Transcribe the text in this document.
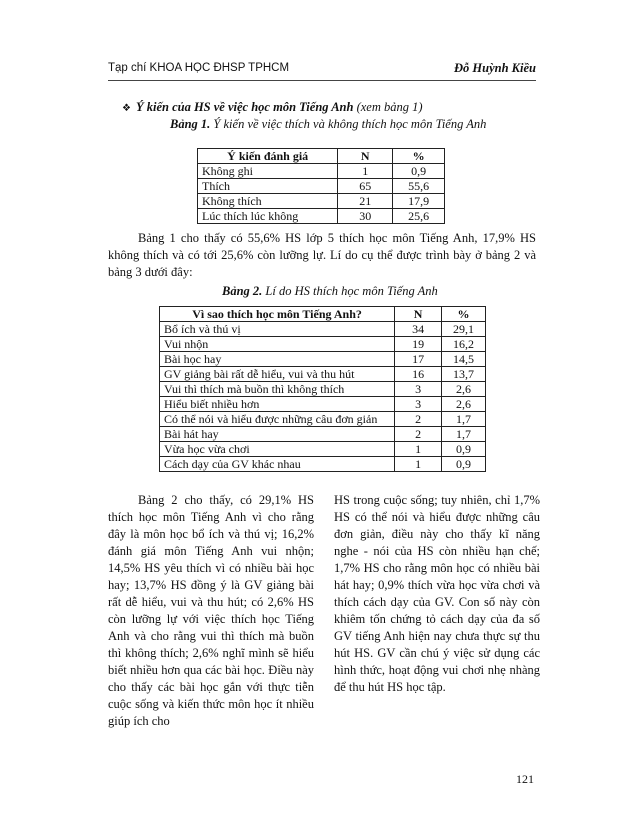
Tạp chí KHOA HỌC ĐHSP TPHCM	Đỗ Huỳnh Kiều
❖ Ý kiến của HS về việc học môn Tiếng Anh (xem bảng 1)
Bảng 1. Ý kiến về việc thích và không thích học môn Tiếng Anh
Ý kiến đánh giá	N	%
Không ghi	1	0,9
Thích	65	55,6
Không thích	21	17,9
Lúc thích lúc không	30	25,6

Bảng 1 cho thấy có 55,6% HS lớp 5 thích học môn Tiếng Anh, 17,9% HS không thích và có tới 25,6% còn lưỡng lự. Lí do cụ thể được trình bày ở bảng 2 và bảng 3 dưới đây:

Bảng 2. Lí do HS thích học môn Tiếng Anh
Vì sao thích học môn Tiếng Anh?	N	%
Bổ ích và thú vị	34	29,1
Vui nhộn	19	16,2
Bài học hay	17	14,5
GV giảng bài rất dễ hiểu, vui và thu hút	16	13,7
Vui thì thích mà buồn thì không thích	3	2,6
Hiểu biết nhiều hơn	3	2,6
Có thể nói và hiểu được những câu đơn giản	2	1,7
Bài hát hay	2	1,7
Vừa học vừa chơi	1	0,9
Cách dạy của GV khác nhau	1	0,9

Bảng 2 cho thấy, có 29,1% HS thích học môn Tiếng Anh vì cho rằng đây là môn học bổ ích và thú vị; 16,2% đánh giá môn Tiếng Anh vui nhộn; 14,5% HS yêu thích vì có nhiều bài học hay; 13,7% HS đồng ý là GV giảng bài rất dễ hiểu, vui và thu hút; có 2,6% HS còn lưỡng lự với việc thích học Tiếng Anh và cho rằng vui thì thích mà buồn thì không thích; 2,6% nghĩ mình sẽ hiểu biết nhiều hơn qua các bài học. Điều này cho thấy các bài học gắn với thực tiễn cuộc sống và kiến thức môn học ít nhiều giúp ích cho

HS trong cuộc sống; tuy nhiên, chỉ 1,7% HS có thể nói và hiểu được những câu đơn giản, điều này cho thấy kĩ năng nghe - nói của HS còn nhiều hạn chế; 1,7% HS cho rằng môn học có nhiều bài hát hay; 0,9% thích vừa học vừa chơi và thích cách dạy của GV. Con số này còn khiêm tốn chứng tỏ cách dạy của đa số GV tiếng Anh hiện nay chưa thực sự thu hút HS. GV cần chú ý việc sử dụng các hình thức, hoạt động vui chơi nhẹ nhàng để thu hút HS học tập.

121
